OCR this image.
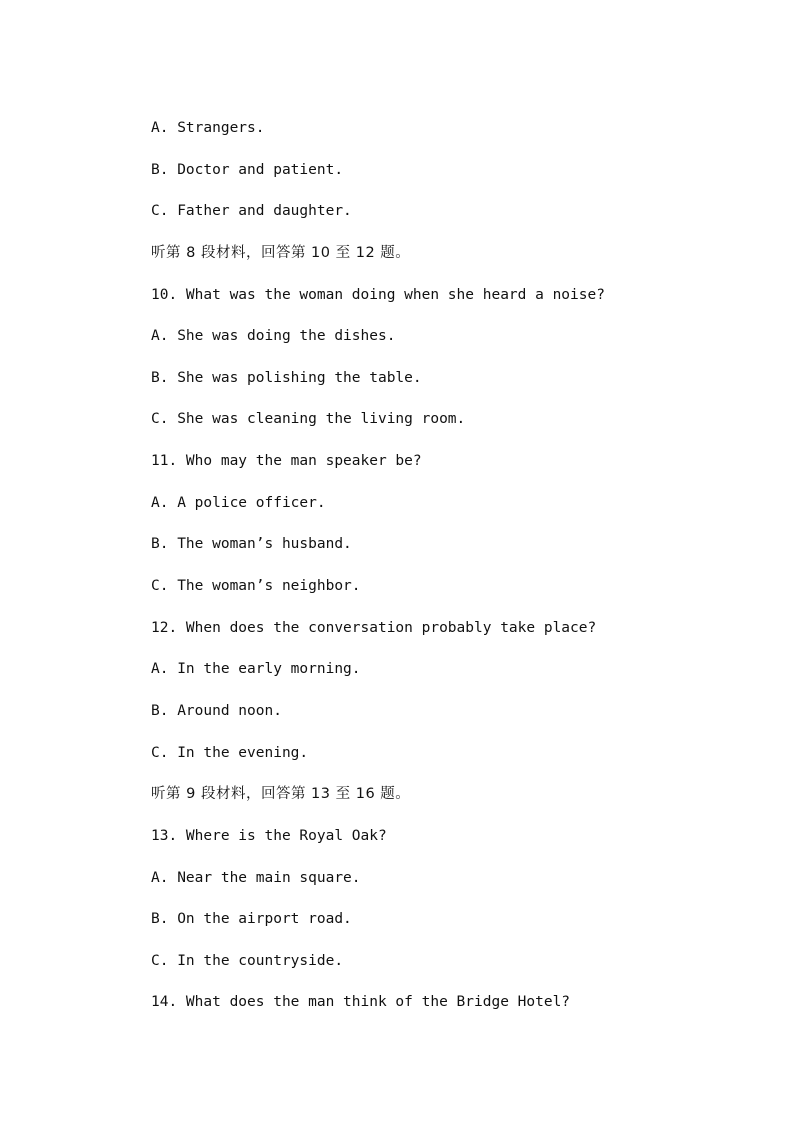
A. Strangers.
B. Doctor and patient.
C. Father and daughter.
听第 8 段材料，回答第 10 至 12 题。
10. What was the woman doing when she heard a noise?
A. She was doing the dishes.
B. She was polishing the table.
C. She was cleaning the living room.
11. Who may the man speaker be?
A. A police officer.
B. The woman’s husband.
C. The woman’s neighbor.
12. When does the conversation probably take place?
A. In the early morning.
B. Around noon.
C. In the evening.
听第 9 段材料，回答第 13 至 16 题。
13. Where is the Royal Oak?
A. Near the main square.
B. On the airport road.
C. In the countryside.
14. What does the man think of the Bridge Hotel?
